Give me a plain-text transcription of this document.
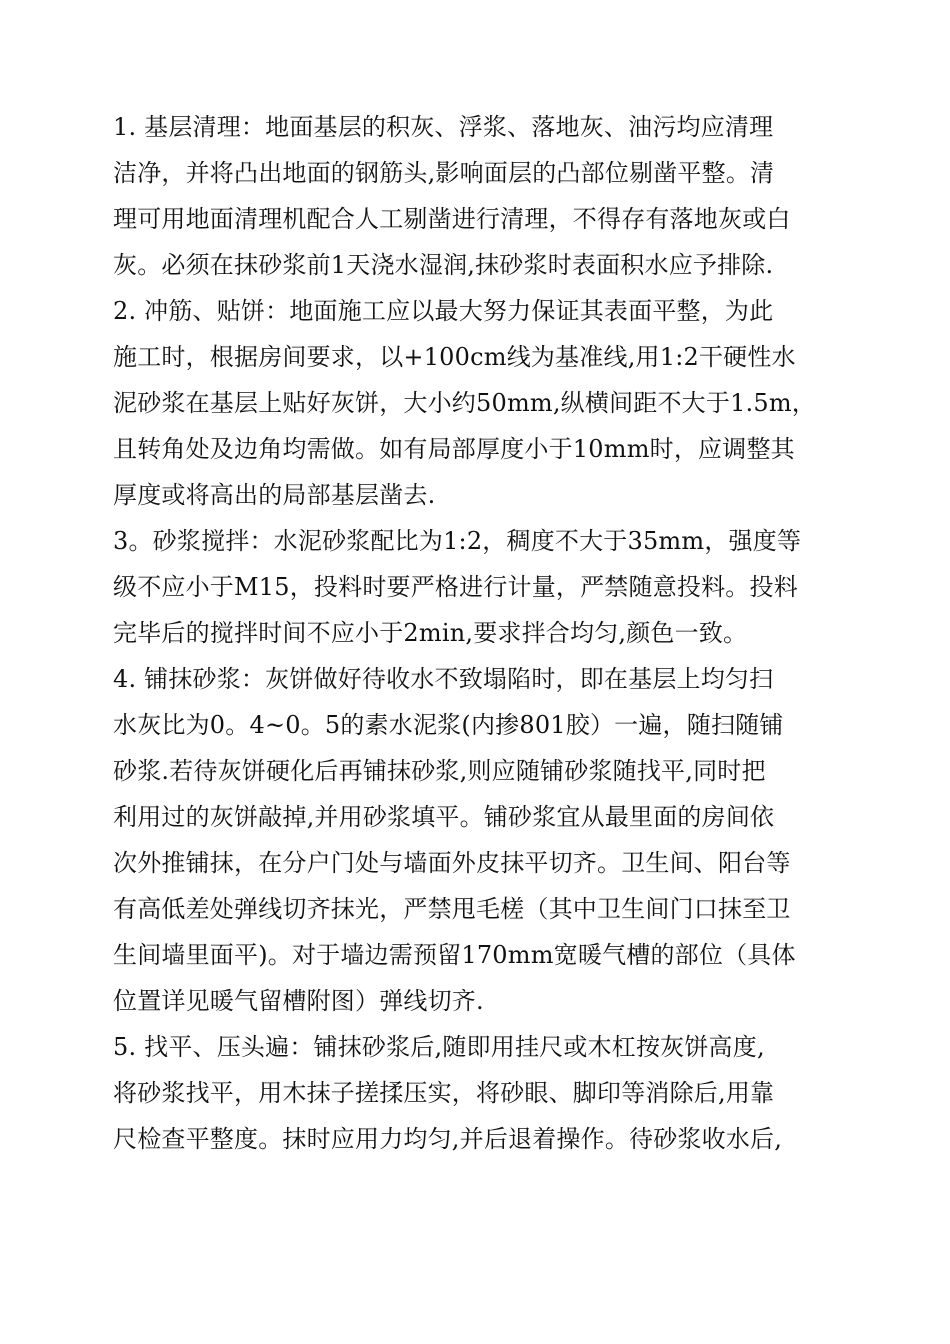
1. 基层清理：地面基层的积灰、浮浆、落地灰、油污均应清理
洁净，并将凸出地面的钢筋头,影响面层的凸部位剔凿平整。清
理可用地面清理机配合人工剔凿进行清理，不得存有落地灰或白
灰。必须在抹砂浆前1天浇水湿润,抹砂浆时表面积水应予排除.

2. 冲筋、贴饼：地面施工应以最大努力保证其表面平整，为此
施工时，根据房间要求，以+100cm线为基准线,用1:2干硬性水
泥砂浆在基层上贴好灰饼，大小约50mm,纵横间距不大于1.5m，
且转角处及边角均需做。如有局部厚度小于10mm时，应调整其
厚度或将高出的局部基层凿去.

3。砂浆搅拌：水泥砂浆配比为1:2，稠度不大于35mm，强度等
级不应小于M15，投料时要严格进行计量，严禁随意投料。投料
完毕后的搅拌时间不应小于2min,要求拌合均匀,颜色一致。

4. 铺抹砂浆：灰饼做好待收水不致塌陷时，即在基层上均匀扫
水灰比为0。4~0。5的素水泥浆(内掺801胶）一遍，随扫随铺
砂浆.若待灰饼硬化后再铺抹砂浆,则应随铺砂浆随找平,同时把
利用过的灰饼敲掉,并用砂浆填平。铺砂浆宜从最里面的房间依
次外推铺抹，在分户门处与墙面外皮抹平切齐。卫生间、阳台等
有高低差处弹线切齐抹光，严禁甩毛槎（其中卫生间门口抹至卫
生间墙里面平)。对于墙边需预留170mm宽暖气槽的部位（具体
位置详见暖气留槽附图）弹线切齐.

5. 找平、压头遍：铺抹砂浆后,随即用挂尺或木杠按灰饼高度,
将砂浆找平，用木抹子搓揉压实，将砂眼、脚印等消除后,用靠
尺检查平整度。抹时应用力均匀,并后退着操作。待砂浆收水后,
